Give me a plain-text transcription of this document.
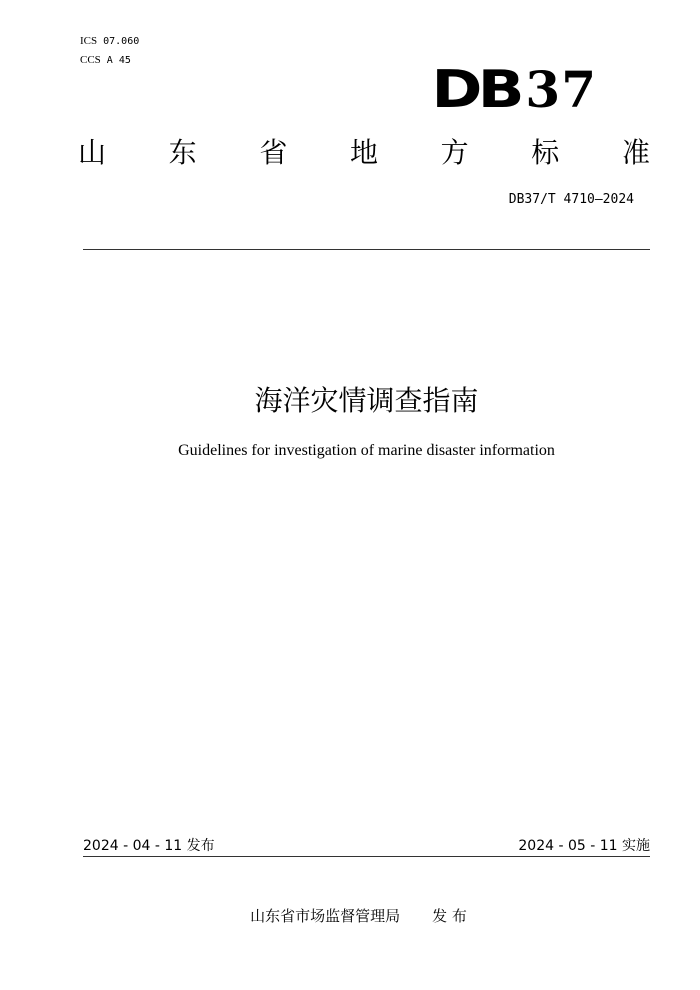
ICS 07.060
CCS A 45	DB 37
山 东 省 地 方 标 准
DB37/T 4710—2024
海洋灾情调查指南
Guidelines for investigation of marine disaster information
2024 - 04 - 11 发布	2024 - 05 - 11 实施
山东省市场监督管理局 发 布
